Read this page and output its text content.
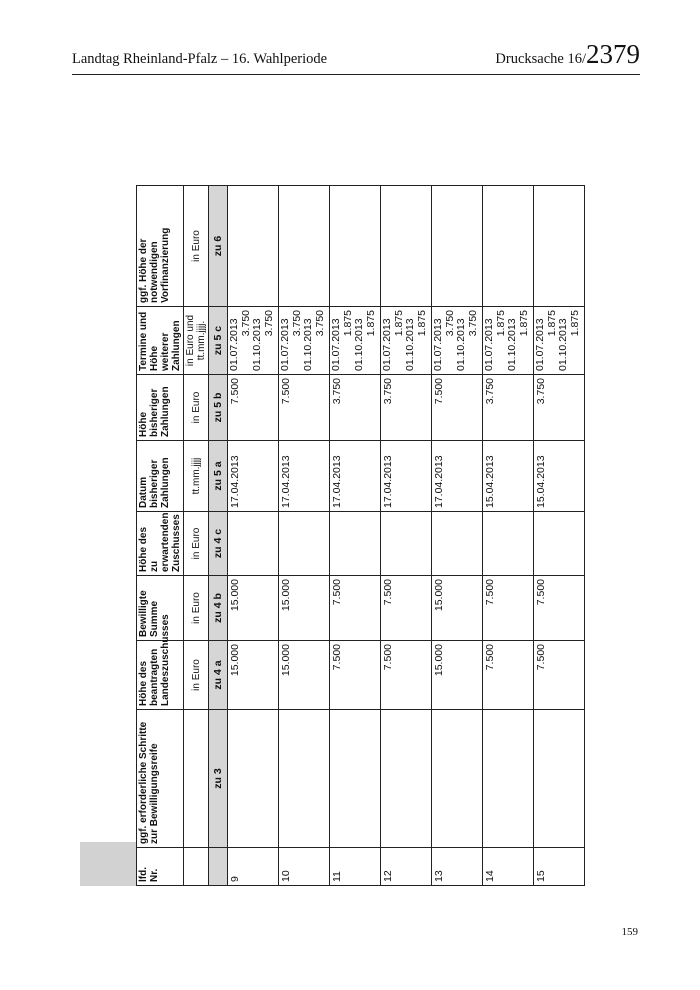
Landtag Rheinland-Pfalz – 16. Wahlperiode	Drucksache 16/2379
lfd. Nr.	ggf. erforderliche Schritte zur Bewilligungsreife	Höhe des beantragten Landeszuschusses	Bewilligte Summe	Höhe des zu erwartenden Zuschusses	Datum bisheriger Zahlungen	Höhe bisheriger Zahlungen	Termine und Höhe weiterer Zahlungen	ggf. Höhe der notwendigen Vorfinanzierung
		in Euro	in Euro	in Euro	tt.mm.jjjj	in Euro	in Euro und tt.mm.jjjj.	in Euro
	zu 3	zu 4 a	zu 4 b	zu 4 c	zu 5 a	zu 5 b	zu 5 c	zu 6
9		15.000	15.000		17.04.2013	7.500	01.07.2013 3.750 01.10.2013 3.750	

10		15.000	15.000		17.04.2013	7.500	01.07.2013 3.750 01.10.2013 3.750	

11		7.500	7.500		17.04.2013	3.750	01.07.2013 1.875 01.10.2013 1.875	

12		7.500	7.500		17.04.2013	3.750	01.07.2013 1.875 01.10.2013 1.875	

13		15.000	15.000		17.04.2013	7.500	01.07.2013 3.750 01.10.2013 3.750	

14		7.500	7.500		15.04.2013	3.750	01.07.2013 1.875 01.10.2013 1.875	

15		7.500	7.500		15.04.2013	3.750	01.07.2013 1.875 01.10.2013 1.875	

159
